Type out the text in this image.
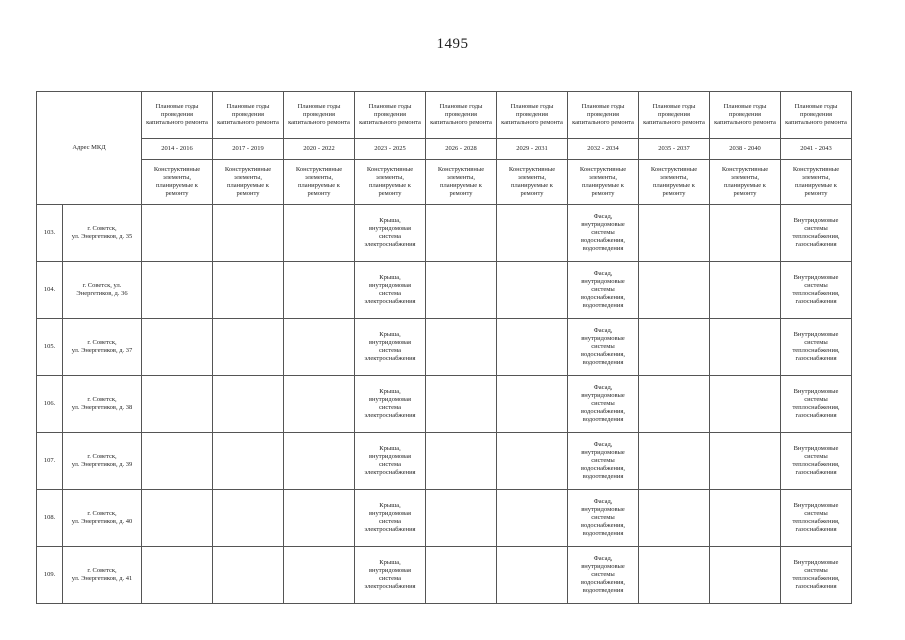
1495
Адрес МКД		Плановые годы проведения капитального ремонта	Плановые годы проведения капитального ремонта	Плановые годы проведения капитального ремонта	Плановые годы проведения капитального ремонта	Плановые годы проведения капитального ремонта	Плановые годы проведения капитального ремонта	Плановые годы проведения капитального ремонта	Плановые годы проведения капитального ремонта	Плановые годы проведения капитального ремонта	Плановые годы проведения капитального ремонта
		2014 - 2016	2017 - 2019	2020 - 2022	2023 - 2025	2026 - 2028	2029 - 2031	2032 - 2034	2035 - 2037	2038 - 2040	2041 - 2043
		Конструктивные элементы, планируемые к ремонту	Конструктивные элементы, планируемые к ремонту	Конструктивные элементы, планируемые к ремонту	Конструктивные элементы, планируемые к ремонту	Конструктивные элементы, планируемые к ремонту	Конструктивные элементы, планируемые к ремонту	Конструктивные элементы, планируемые к ремонту	Конструктивные элементы, планируемые к ремонту	Конструктивные элементы, планируемые к ремонту	Конструктивные элементы, планируемые к ремонту
103.	г. Советск,
ул. Энергетиков, д. 35				Крыша,
внутридомовая
система
электроснабжения			Фасад,
внутридомовые
системы
водоснабжения,
водоотведения			Внутридомовые
системы
теплоснабжения,
газоснабжения
104.	г. Советск, ул.
Энергетиков, д. 36				Крыша,
внутридомовая
система
электроснабжения			Фасад,
внутридомовые
системы
водоснабжения,
водоотведения			Внутридомовые
системы
теплоснабжения,
газоснабжения
105.	г. Советск,
ул. Энергетиков, д. 37				Крыша,
внутридомовая
система
электроснабжения			Фасад,
внутридомовые
системы
водоснабжения,
водоотведения			Внутридомовые
системы
теплоснабжения,
газоснабжения
106.	г. Советск,
ул. Энергетиков, д. 38				Крыша,
внутридомовая
система
электроснабжения			Фасад,
внутридомовые
системы
водоснабжения,
водоотведения			Внутридомовые
системы
теплоснабжения,
газоснабжения
107.	г. Советск,
ул. Энергетиков, д. 39				Крыша,
внутридомовая
система
электроснабжения			Фасад,
внутридомовые
системы
водоснабжения,
водоотведения			Внутридомовые
системы
теплоснабжения,
газоснабжения
108.	г. Советск,
ул. Энергетиков, д. 40				Крыша,
внутридомовая
система
электроснабжения			Фасад,
внутридомовые
системы
водоснабжения,
водоотведения			Внутридомовые
системы
теплоснабжения,
газоснабжения
109.	г. Советск,
ул. Энергетиков, д. 41				Крыша,
внутридомовая
система
электроснабжения			Фасад,
внутридомовые
системы
водоснабжения,
водоотведения			Внутридомовые
системы
теплоснабжения,
газоснабжения
